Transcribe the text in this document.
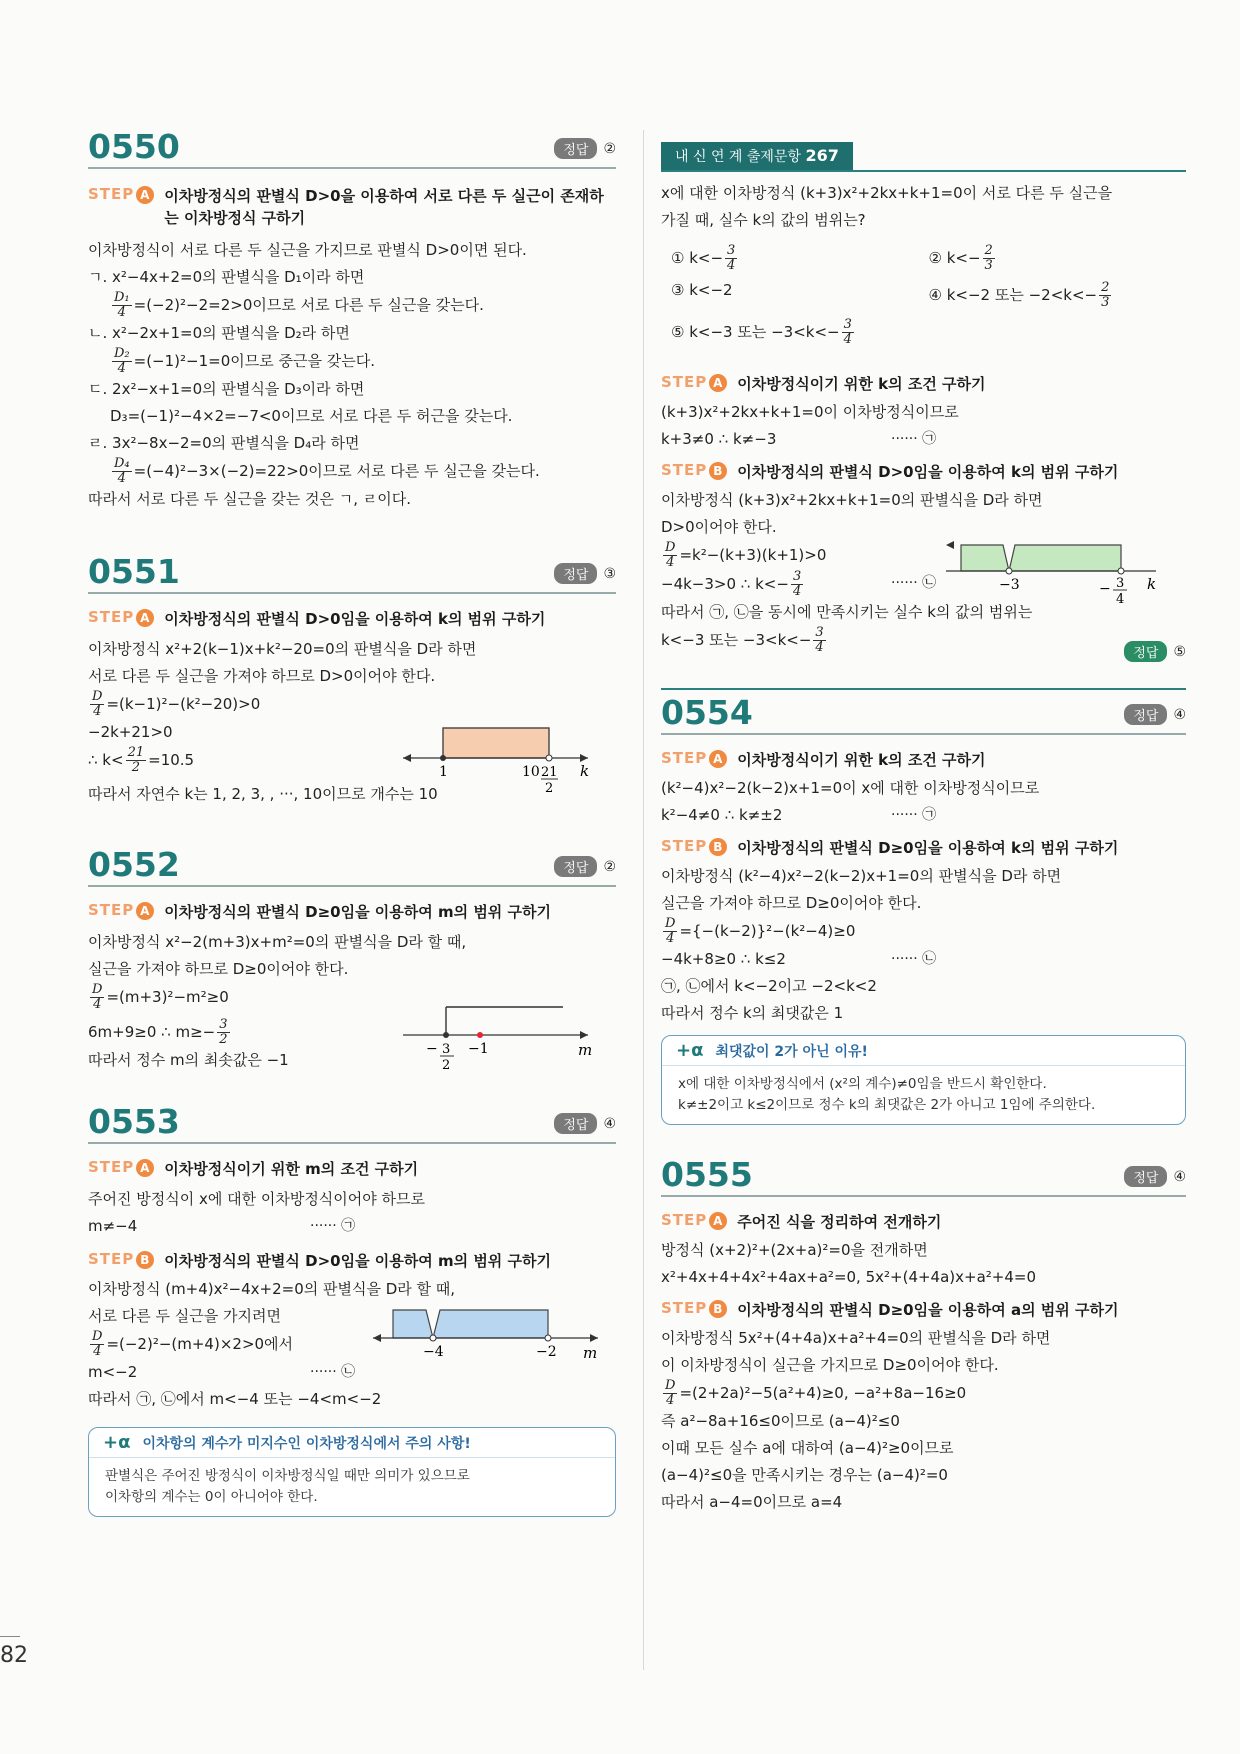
0550	정답	②
STEP A 이차방정식의 판별식 D>0을 이용하여 서로 다른 두 실근이 존재하는 이차방정식 구하기
이차방정식이 서로 다른 두 실근을 가지므로 판별식 D>0이면 된다.
ㄱ. x²−4x+2=0의 판별식을 D₁이라 하면
$\frac{\text{D₁}}{4} =(-2)^2-2=2>0$이므로 서로 다른 두 실근을 갖는다.
ㄴ. x²−2x+1=0의 판별식을 D₂라 하면
$\frac{\text{D₂}}{4} =(-1)^2-1=0$이므로 중근을 갖는다.
ㄷ. 2x²−x+1=0의 판별식을 D₃이라 하면
D₃=(−1)²−4×2=−7<0이므로 서로 다른 두 허근을 갖는다.
ㄹ. 3x²−8x−2=0의 판별식을 D₄라 하면
$\frac{\text{D₄}}{4} =(-4)^2-3\times(-2)=22>0$이므로 서로 다른 두 실근을 갖는다.
따라서 서로 다른 두 실근을 갖는 것은 ㄱ, ㄹ이다.
0551	정답	③
STEP A 이차방정식의 판별식 D>0임을 이용하여 k의 범위 구하기
이차방정식 x²+2(k−1)x+k²−20=0의 판별식을 D라 하면
서로 다른 두 실근을 가져야 하므로 D>0이어야 한다.
$\frac{D}{4} =(k-1)^2-(k^2-20)>0$
−2k+21>0
∴ $k< \frac{21}{2} =10.5$
따라서 자연수 k는 1, 2, 3, , ···, 10이므로 개수는 10
1	10 21
2
k
0552	정답	②
STEP A 이차방정식의 판별식 D≥0임을 이용하여 m의 범위 구하기
이차방정식 x²−2(m+3)x+m²=0의 판별식을 D라 할 때,
실근을 가져야 하므로 D≥0이어야 한다.
$\frac{D}{4} =(m+3)^2-m^2\ge 0$
6m+9≥0 ∴ $m\ge- \frac{3}{2}$
따라서 정수 m의 최솟값은 −1
− 3
2
−1	m
0553	정답	④
STEP A 이차방정식이기 위한 m의 조건 구하기
주어진 방정식이 x에 대한 이차방정식이어야 하므로
m≠−4	······ ㉠
STEP B 이차방정식의 판별식 D>0임을 이용하여 m의 범위 구하기
이차방정식 (m+4)x²−4x+2=0의 판별식을 D라 할 때,
서로 다른 두 실근을 가지려면
$\frac{D}{4} =(-2)^2-(m+4)\times 2>0$에서
m<−2	······ ㉡
따라서 ㉠, ㉡에서 m<−4 또는 −4<m<−2
−4	−2 m
+α 이차항의 계수가 미지수인 이차방정식에서 주의 사항!
판별식은 주어진 방정식이 이차방정식일 때만 의미가 있으므로
이차항의 계수는 0이 아니어야 한다.
내 신 연 계 출제문항 267
x에 대한 이차방정식 (k+3)x²+2kx+k+1=0이 서로 다른 두 실근을
가질 때, 실수 k의 값의 범위는?
① $k<- \frac{3}{4}$	② $k<- \frac{2}{3}$
③ k<−2	④ k<−2 또는 $-2<k<- \frac{2}{3}$
⑤ k<−3 또는 $-3<k<- \frac{3}{4}$
STEP A 이차방정식이기 위한 k의 조건 구하기
(k+3)x²+2kx+k+1=0이 이차방정식이므로
k+3≠0 ∴ k≠−3	······ ㉠
STEP B 이차방정식의 판별식 D>0임을 이용하여 k의 범위 구하기
이차방정식 (k+3)x²+2kx+k+1=0의 판별식을 D라 하면
D>0이어야 한다.
$\frac{D}{4} =k^2-(k+3)(k+1)>0$
−4k−3>0 ∴ $k<- \frac{3}{4}$	······ ㉡
따라서 ㉠, ㉡을 동시에 만족시키는 실수 k의 값의 범위는
k<−3 또는 $-3<k<- \frac{3}{4}$
−3	− 3
4
k
정답	⑤
0554	정답	④
STEP A 이차방정식이기 위한 k의 조건 구하기
(k²−4)x²−2(k−2)x+1=0이 x에 대한 이차방정식이므로
k²−4≠0 ∴ k≠±2	······ ㉠
STEP B 이차방정식의 판별식 D≥0임을 이용하여 k의 범위 구하기
이차방정식 (k²−4)x²−2(k−2)x+1=0의 판별식을 D라 하면
실근을 가져야 하므로 D≥0이어야 한다.
$\frac{D}{4} =\{-(k-2)\}^2-(k^2-4)\ge 0$
−4k+8≥0 ∴ k≤2	······ ㉡
㉠, ㉡에서 k<−2이고 −2<k<2
따라서 정수 k의 최댓값은 1
+α 최댓값이 2가 아닌 이유!
x에 대한 이차방정식에서 (x²의 계수)≠0임을 반드시 확인한다.
k≠±2이고 k≤2이므로 정수 k의 최댓값은 2가 아니고 1임에 주의한다.
0555	정답	④
STEP A 주어진 식을 정리하여 전개하기
방정식 (x+2)²+(2x+a)²=0을 전개하면
x²+4x+4+4x²+4ax+a²=0, 5x²+(4+4a)x+a²+4=0
STEP B 이차방정식의 판별식 D≥0임을 이용하여 a의 범위 구하기
이차방정식 5x²+(4+4a)x+a²+4=0의 판별식을 D라 하면
이 이차방정식이 실근을 가지므로 D≥0이어야 한다.
$\frac{D}{4} =(2+2a)^2-5(a^2+4)\ge 0$, −a²+8a−16≥0
즉 a²−8a+16≤0이므로 (a−4)²≤0
이때 모든 실수 a에 대하여 (a−4)²≥0이므로
(a−4)²≤0을 만족시키는 경우는 (a−4)²=0
따라서 a−4=0이므로 a=4
82
